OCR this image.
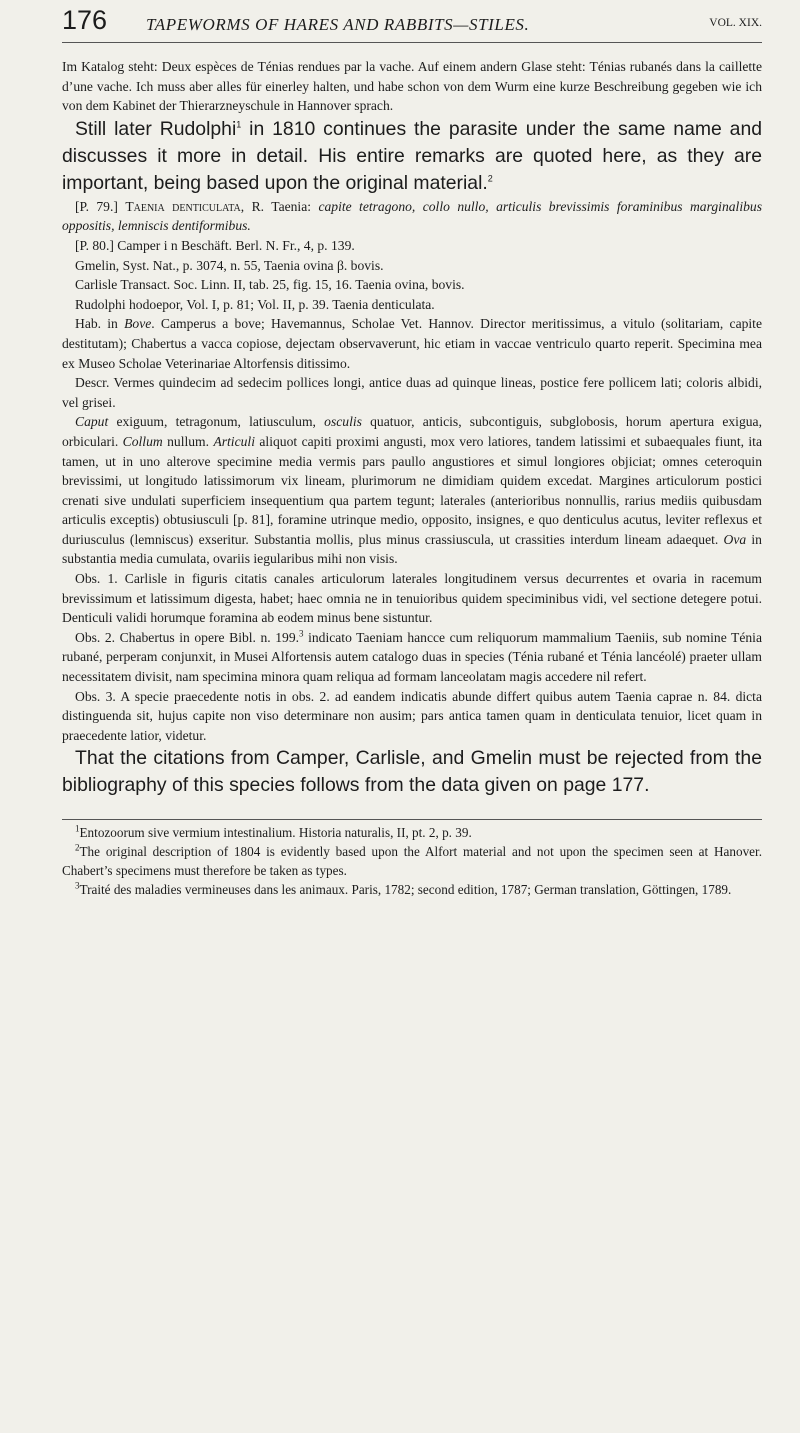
176 TAPEWORMS OF HARES AND RABBITS—STILES.	VOL. XIX.

Im Katalog steht: Deux espèces de Ténias rendues par la vache. Auf einem andern Glase steht: Ténias rubanés dans la caillette d’une vache. Ich muss aber alles für einerley halten, und habe schon von dem Wurm eine kurze Beschreibung gegeben wie ich von dem Kabinet der Thierarzneyschule in Hannover sprach.

Still later Rudolphi$^1$ in 1810 continues the parasite under the same name and discusses it more in detail. His entire remarks are quoted here, as they are important, being based upon the original material.$^2$

[P. 79.] Taenia denticulata, R. Taenia: capite tetragono, collo nullo, articulis brevissimis foraminibus marginalibus oppositis, lemniscis dentiformibus.

[P. 80.] Camper i n Beschäft. Berl. N. Fr., 4, p. 139.

Gmelin, Syst. Nat., p. 3074, n. 55, Taenia ovina β. bovis.

Carlisle Transact. Soc. Linn. II, tab. 25, fig. 15, 16. Taenia ovina, bovis.

Rudolphi hodoepor, Vol. I, p. 81; Vol. II, p. 39. Taenia denticulata.

Hab. in Bove. Camperus a bove; Havemannus, Scholae Vet. Hannov. Director meritissimus, a vitulo (solitariam, capite destitutam); Chabertus a vacca copiose, dejectam observaverunt, hic etiam in vaccae ventriculo quarto reperit. Specimina mea ex Museo Scholae Veterinariae Altorfensis ditissimo.

Descr. Vermes quindecim ad sedecim pollices longi, antice duas ad quinque lineas, postice fere pollicem lati; coloris albidi, vel grisei.

Caput exiguum, tetragonum, latiusculum, osculis quatuor, anticis, subcontiguis, subglobosis, horum apertura exigua, orbiculari. Collum nullum. Articuli aliquot capiti proximi angusti, mox vero latiores, tandem latissimi et subaequales fiunt, ita tamen, ut in uno alterove specimine media vermis pars paullo angustiores et simul longiores objiciat; omnes ceteroquin brevissimi, ut longitudo latissimorum vix lineam, plurimorum ne dimidiam quidem excedat. Margines articulorum postici crenati sive undulati superficiem insequentium qua partem tegunt; laterales (anterioribus nonnullis, rarius mediis quibusdam articulis exceptis) obtusiusculi [p. 81], foramine utrinque medio, opposito, insignes, e quo denticulus acutus, leviter reflexus et duriusculus (lemniscus) exseritur. Substantia mollis, plus minus crassiuscula, ut crassities interdum lineam adaequet. Ova in substantia media cumulata, ovariis iegularibus mihi non visis.

Obs. 1. Carlisle in figuris citatis canales articulorum laterales longitudinem versus decurrentes et ovaria in racemum brevissimum et latissimum digesta, habet; haec omnia ne in tenuioribus quidem speciminibus vidi, vel sectione detegere potui. Denticuli validi horumque foramina ab eodem minus bene sistuntur.

Obs. 2. Chabertus in opere Bibl. n. 199.$^3$ indicato Taeniam hancce cum reliquorum mammalium Taeniis, sub nomine Ténia rubané, perperam conjunxit, in Musei Alfortensis autem catalogo duas in species (Ténia rubané et Ténia lancéolé) praeter ullam necessitatem divisit, nam specimina minora quam reliqua ad formam lanceolatam magis accedere nil refert.

Obs. 3. A specie praecedente notis in obs. 2. ad eandem indicatis abunde differt quibus autem Taenia caprae n. 84. dicta distinguenda sit, hujus capite non viso determinare non ausim; pars antica tamen quam in denticulata tenuior, licet quam in praecedente latior, videtur.

That the citations from Camper, Carlisle, and Gmelin must be rejected from the bibliography of this species follows from the data given on page 177.

$^1$Entozoorum sive vermium intestinalium. Historia naturalis, II, pt. 2, p. 39.

$^2$The original description of 1804 is evidently based upon the Alfort material and not upon the specimen seen at Hanover. Chabert’s specimens must therefore be taken as types.

$^3$Traité des maladies vermineuses dans les animaux. Paris, 1782; second edition, 1787; German translation, Göttingen, 1789.
